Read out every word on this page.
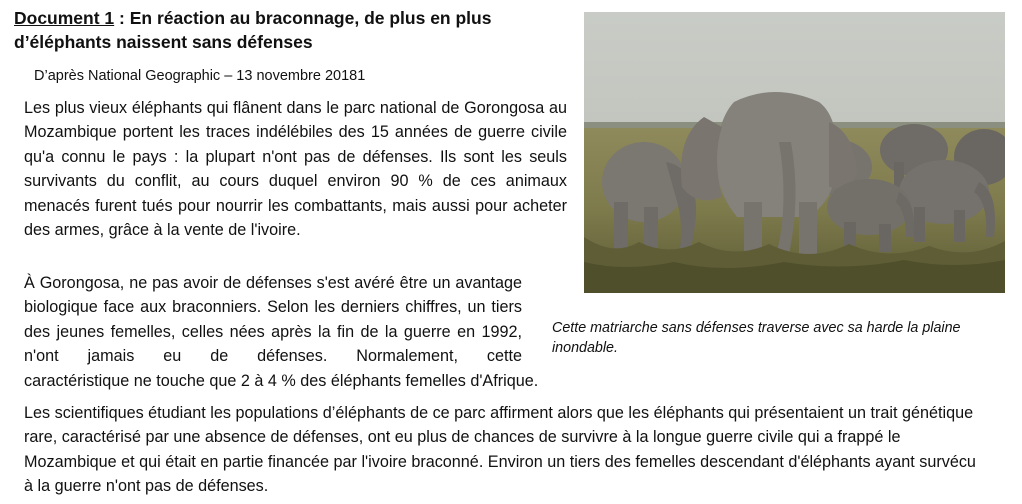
Document 1 : En réaction au braconnage, de plus en plus d’éléphants naissent sans défenses
D’après National Geographic – 13 novembre 20181

Les plus vieux éléphants qui flânent dans le parc national de Gorongosa au Mozambique portent les traces indélébiles des 15 années de guerre civile qu'a connu le pays : la plupart n'ont pas de défenses. Ils sont les seuls survivants du conflit, au cours duquel environ 90 % de ces animaux menacés furent tués pour nourrir les combattants, mais aussi pour acheter des armes, grâce à la vente de l'ivoire.

À Gorongosa, ne pas avoir de défenses s'est avéré être un avantage biologique face aux braconniers. Selon les derniers chiffres, un tiers des jeunes femelles, celles nées après la fin de la guerre en 1992, n'ont jamais eu de défenses. Normalement, cette caractéristique ne touche que 2 à 4 % des éléphants femelles d'Afrique.

Les scientifiques étudiant les populations d’éléphants de ce parc affirment alors que les éléphants qui présentaient un trait génétique rare, caractérisé par une absence de défenses, ont eu plus de chances de survivre à la longue guerre civile qui a frappé le Mozambique et qui était en partie financée par l'ivoire braconné. Environ un tiers des femelles descendant d'éléphants ayant survécu à la guerre n'ont pas de défenses.

Cette matriarche sans défenses traverse avec sa harde la plaine inondable.
